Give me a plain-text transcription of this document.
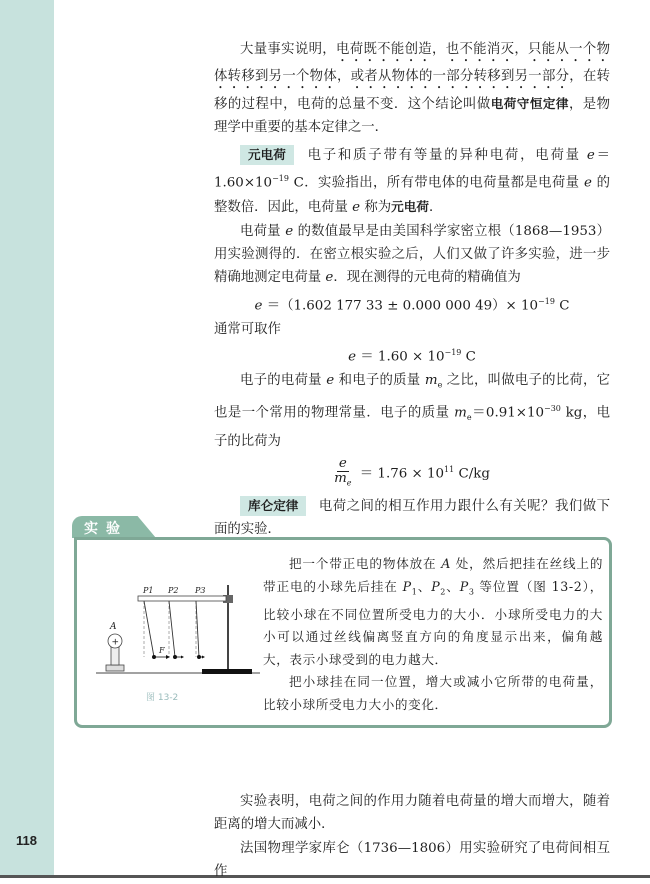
118

大量事实说明，电荷既不能创造，也不能消灭，只能从一个物体转移到另一个物体，或者从物体的一部分转移到另一部分，在转移的过程中，电荷的总量不变．这个结论叫做电荷守恒定律，是物理学中重要的基本定律之一．

元电荷 电子和质子带有等量的异种电荷，电荷量 $e=1.60\times 10^{-19}$ C．实验指出，所有带电体的电荷量都是电荷量 e 的整数倍．因此，电荷量 e 称为元电荷．

电荷量 e 的数值最早是由美国科学家密立根（1868—1953）用实验测得的．在密立根实验之后，人们又做了许多实验，进一步精确地测定电荷量 e．现在测得的元电荷的精确值为

e ＝（1.602 177 33 ± 0.000 000 $49)\times 10^{-19}$ C

通常可取作

$e = 1.60 \times 10^{-19}$ C

电子的电荷量 e 和电子的质量 $m_e$ 之比，叫做电子的比荷，它也是一个常用的物理常量．电子的质量 $m_e=0.91\times 10^{-30}$ kg，电子的比荷为

$\frac{e}{m_e} = 1.76 \times 10^{11}$ C/kg

库仑定律 电荷之间的相互作用力跟什么有关呢？我们做下面的实验．

实验
+
A
P1 P2 P3
F
图 13-2

把一个带正电的物体放在 A 处，然后把挂在丝线上的带正电的小球先后挂在 $P_1$、$P_2$、$P_3$ 等位置（图 13-2），比较小球在不同位置所受电力的大小．小球所受电力的大小可以通过丝线偏离竖直方向的角度显示出来，偏角越大，表示小球受到的电力越大．

把小球挂在同一位置，增大或减小它所带的电荷量，比较小球所受电力大小的变化．

实验表明，电荷之间的作用力随着电荷量的增大而增大，随着距离的增大而减小．

法国物理学家库仑（1736—1806）用实验研究了电荷间相互作
